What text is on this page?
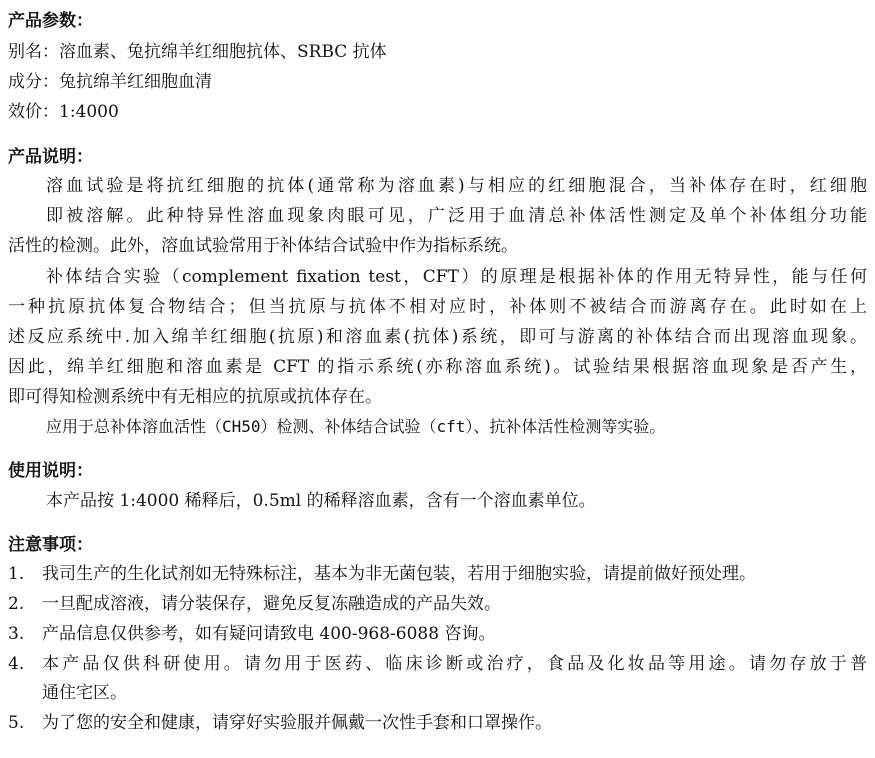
产品参数：
别名：溶血素、兔抗绵羊红细胞抗体、SRBC 抗体
成分：兔抗绵羊红细胞血清
效价：1:4000
产品说明：
溶血试验是将抗红细胞的抗体(通常称为溶血素)与相应的红细胞混合，当补体存在时，红细胞
即被溶解。此种特异性溶血现象肉眼可见，广泛用于血清总补体活性测定及单个补体组分功能
活性的检测。此外，溶血试验常用于补体结合试验中作为指标系统。
补体结合实验（complement fixation test，CFT）的原理是根据补体的作用无特异性，能与任何
一种抗原抗体复合物结合；但当抗原与抗体不相对应时，补体则不被结合而游离存在。此时如在上
述反应系统中.加入绵羊红细胞(抗原)和溶血素(抗体)系统，即可与游离的补体结合而出现溶血现象。
因此，绵羊红细胞和溶血素是 CFT 的指示系统(亦称溶血系统)。试验结果根据溶血现象是否产生，
即可得知检测系统中有无相应的抗原或抗体存在。
应用于总补体溶血活性（CH50）检测、补体结合试验（cft）、抗补体活性检测等实验。
使用说明：
本产品按 1:4000 稀释后，0.5ml 的稀释溶血素，含有一个溶血素单位。
注意事项：
1. 我司生产的生化试剂如无特殊标注，基本为非无菌包装，若用于细胞实验，请提前做好预处理。
2. 一旦配成溶液，请分装保存，避免反复冻融造成的产品失效。
3. 产品信息仅供参考，如有疑问请致电 400-968-6088 咨询。
4. 本产品仅供科研使用。请勿用于医药、临床诊断或治疗，食品及化妆品等用途。请勿存放于普
通住宅区。
5. 为了您的安全和健康，请穿好实验服并佩戴一次性手套和口罩操作。
